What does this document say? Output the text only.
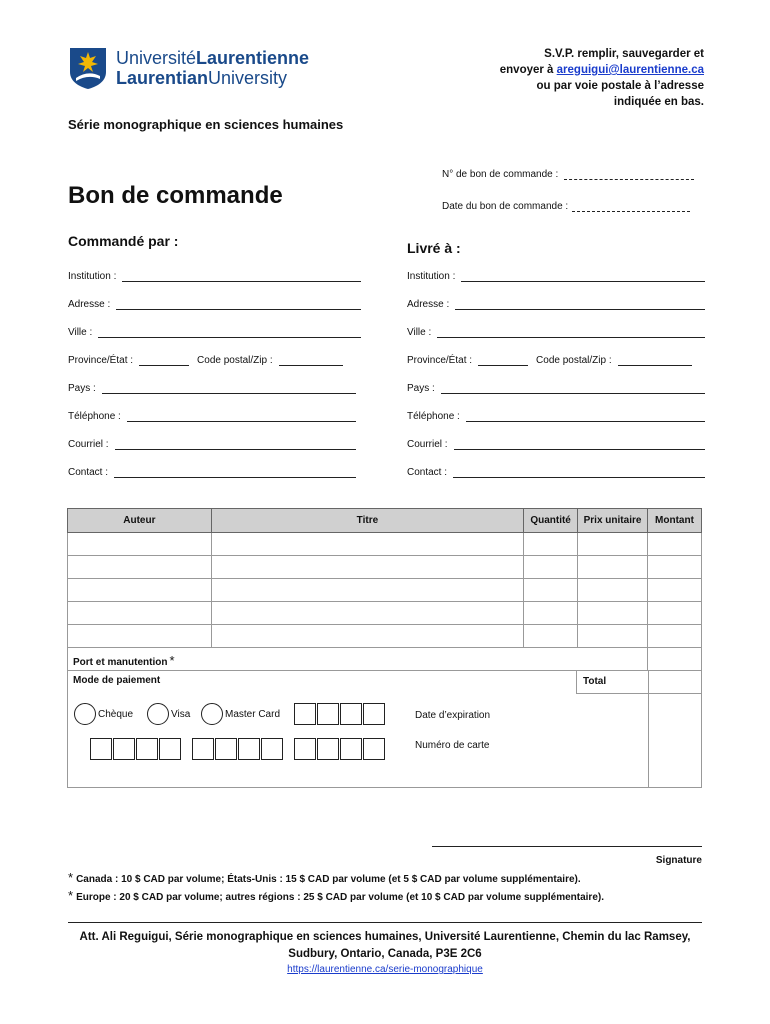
UniversitéLaurentienne
LaurentianUniversity
S.V.P. remplir, sauvegarder et
envoyer à areguigui@laurentienne.ca
ou par voie postale à l’adresse
indiquée en bas.
Série monographique en sciences humaines
N° de bon de commande :
Date du bon de commande :
Bon de commande
Commandé par :	Livré à :
Institution :
Adresse :
Ville :
Province/État :	Code postal/Zip :
Pays :
Téléphone :
Courriel :
Contact :
Institution :
Adresse :
Ville :
Province/État :	Code postal/Zip :
Pays :
Téléphone :
Courriel :
Contact :
Auteur	Titre	Quantité	Prix unitaire	Montant

Port et manutention *				
Mode de paiement	Total
Chèque	Visa	Master Card	Date d’expiration
Numéro de carte
Signature
* Canada : 10 $ CAD par volume; États-Unis : 15 $ CAD par volume (et 5 $ CAD par volume supplémentaire).
* Europe : 20 $ CAD par volume; autres régions : 25 $ CAD par volume (et 10 $ CAD par volume supplémentaire).
Att. Ali Reguigui, Série monographique en sciences humaines, Université Laurentienne, Chemin du lac Ramsey,
Sudbury, Ontario, Canada, P3E 2C6
https://laurentienne.ca/serie-monographique
